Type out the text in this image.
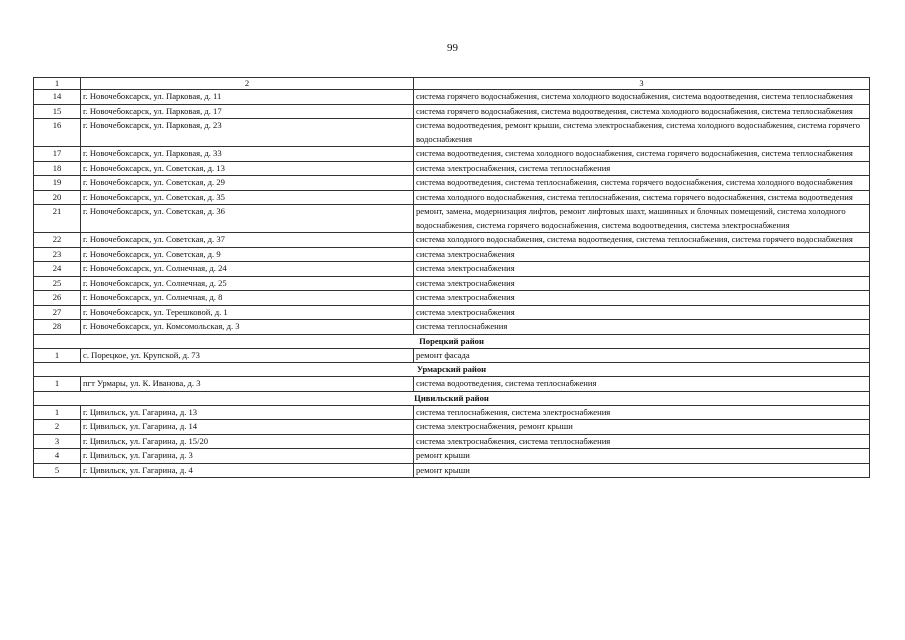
99
1	2	3
14	г. Новочебоксарск, ул. Парковая, д. 11	система горячего водоснабжения, система холодного водоснабжения, система водоотведения, система теплоснабжения
15	г. Новочебоксарск, ул. Парковая, д. 17	система горячего водоснабжения, система водоотведения, система холодного водоснабжения, система теплоснабжения
16	г. Новочебоксарск, ул. Парковая, д. 23	система водоотведения, ремонт крыши, система электроснабжения, система холодного водоснабжения, система горячего водоснабжения
17	г. Новочебоксарск, ул. Парковая, д. 33	система водоотведения, система холодного водоснабжения, система горячего водоснабжения, система теплоснабжения
18	г. Новочебоксарск, ул. Советская, д. 13	система электроснабжения, система теплоснабжения
19	г. Новочебоксарск, ул. Советская, д. 29	система водоотведения, система теплоснабжения, система горячего водоснабжения, система холодного водоснабжения
20	г. Новочебоксарск, ул. Советская, д. 35	система холодного водоснабжения, система теплоснабжения, система горячего водоснабжения, система водоотведения
21	г. Новочебоксарск, ул. Советская, д. 36	ремонт, замена, модернизация лифтов, ремонт лифтовых шахт, машинных и блочных помещений, система холодного водоснабжения, система горячего водоснабжения, система водоотведения, система электроснабжения
22	г. Новочебоксарск, ул. Советская, д. 37	система холодного водоснабжения, система водоотведения, система теплоснабжения, система горячего водоснабжения
23	г. Новочебоксарск, ул. Советская, д. 9	система электроснабжения
24	г. Новочебоксарск, ул. Солнечная, д. 24	система электроснабжения
25	г. Новочебоксарск, ул. Солнечная, д. 25	система электроснабжения
26	г. Новочебоксарск, ул. Солнечная, д. 8	система электроснабжения
27	г. Новочебоксарск, ул. Терешковой, д. 1	система электроснабжения
28	г. Новочебоксарск, ул. Комсомольская, д. 3	система теплоснабжения
Порецкий район		
1	с. Порецкое, ул. Крупской, д. 73	ремонт фасада
Урмарский район		
1	пгт Урмары, ул. К. Иванова, д. 3	система водоотведения, система теплоснабжения
Цивильский район		
1	г. Цивильск, ул. Гагарина, д. 13	система теплоснабжения, система электроснабжения
2	г. Цивильск, ул. Гагарина, д. 14	система электроснабжения, ремонт крыши
3	г. Цивильск, ул. Гагарина, д. 15/20	система электроснабжения, система теплоснабжения
4	г. Цивильск, ул. Гагарина, д. 3	ремонт крыши
5	г. Цивильск, ул. Гагарина, д. 4	ремонт крыши
